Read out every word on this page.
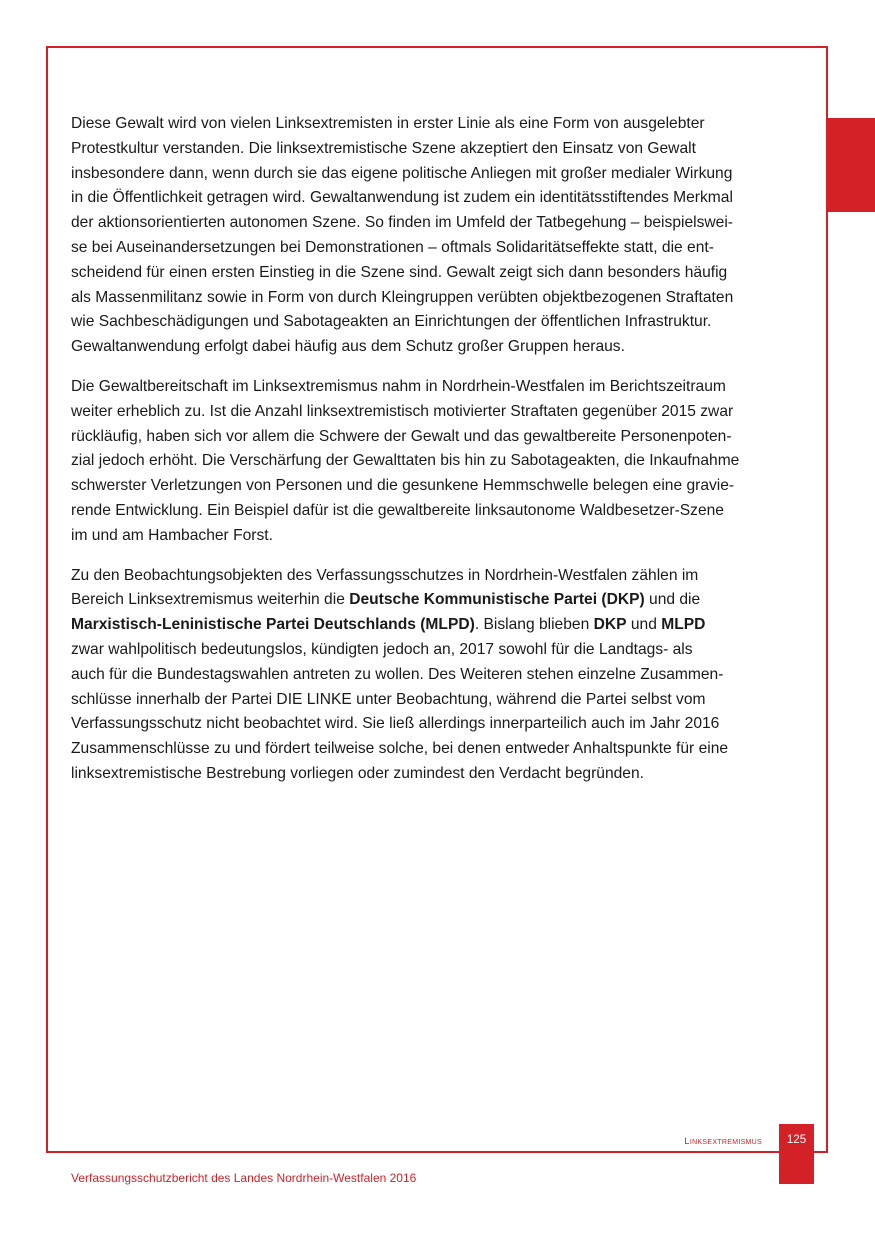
Diese Gewalt wird von vielen Linksextremisten in erster Linie als eine Form von ausgelebter
Protestkultur verstanden. Die linksextremistische Szene akzeptiert den Einsatz von Gewalt
insbesondere dann, wenn durch sie das eigene politische Anliegen mit großer medialer Wirkung
in die Öffentlichkeit getragen wird. Gewaltanwendung ist zudem ein identitätsstiftendes Merkmal
der aktionsorientierten autonomen Szene. So finden im Umfeld der Tatbegehung – beispielswei-
se bei Auseinandersetzungen bei Demonstrationen – oftmals Solidaritätseffekte statt, die ent-
scheidend für einen ersten Einstieg in die Szene sind. Gewalt zeigt sich dann besonders häufig
als Massenmilitanz sowie in Form von durch Kleingruppen verübten objektbezogenen Straftaten
wie Sachbeschädigungen und Sabotageakten an Einrichtungen der öffentlichen Infrastruktur.
Gewaltanwendung erfolgt dabei häufig aus dem Schutz großer Gruppen heraus.

Die Gewaltbereitschaft im Linksextremismus nahm in Nordrhein-Westfalen im Berichtszeitraum
weiter erheblich zu. Ist die Anzahl linksextremistisch motivierter Straftaten gegenüber 2015 zwar
rückläufig, haben sich vor allem die Schwere der Gewalt und das gewaltbereite Personenpoten-
zial jedoch erhöht. Die Verschärfung der Gewalttaten bis hin zu Sabotageakten, die Inkaufnahme
schwerster Verletzungen von Personen und die gesunkene Hemmschwelle belegen eine gravie-
rende Entwicklung. Ein Beispiel dafür ist die gewaltbereite linksautonome Waldbesetzer-Szene
im und am Hambacher Forst.

Zu den Beobachtungsobjekten des Verfassungsschutzes in Nordrhein-Westfalen zählen im
Bereich Linksextremismus weiterhin die Deutsche Kommunistische Partei (DKP) und die
Marxistisch-Leninistische Partei Deutschlands (MLPD). Bislang blieben DKP und MLPD
zwar wahlpolitisch bedeutungslos, kündigten jedoch an, 2017 sowohl für die Landtags- als
auch für die Bundestagswahlen antreten zu wollen. Des Weiteren stehen einzelne Zusammen-
schlüsse innerhalb der Partei DIE LINKE unter Beobachtung, während die Partei selbst vom
Verfassungsschutz nicht beobachtet wird. Sie ließ allerdings innerparteilich auch im Jahr 2016
Zusammenschlüsse zu und fördert teilweise solche, bei denen entweder Anhaltspunkte für eine
linksextremistische Bestrebung vorliegen oder zumindest den Verdacht begründen.

Linksextremismus	125
Verfassungsschutzbericht des Landes Nordrhein-Westfalen 2016
